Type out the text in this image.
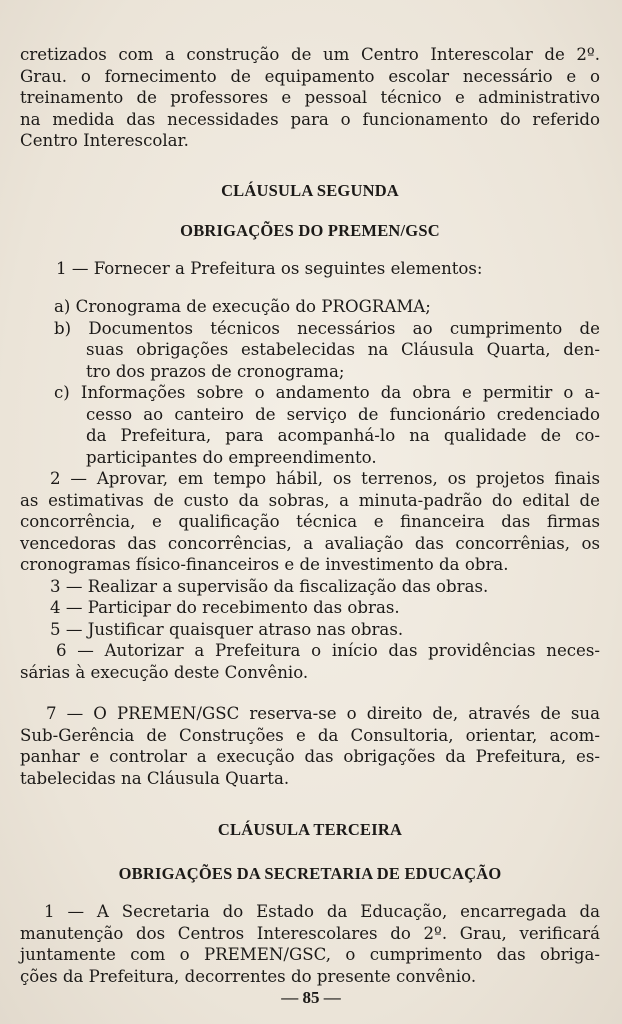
cretizados com a construção de um Centro Interescolar de 2º.
Grau. o fornecimento de equipamento escolar necessário e o
treinamento de professores e pessoal técnico e administrativo
na medida das necessidades para o funcionamento do referido
Centro Interescolar.
CLÁUSULA SEGUNDA
OBRIGAÇÕES DO PREMEN/GSC
1 — Fornecer a Prefeitura os seguintes elementos:
a) Cronograma de execução do PROGRAMA;
b) Documentos técnicos necessários ao cumprimento de
suas obrigações estabelecidas na Cláusula Quarta, den-
tro dos prazos de cronograma;
c) Informações sobre o andamento da obra e permitir o a-
cesso ao canteiro de serviço de funcionário credenciado
da Prefeitura, para acompanhá-lo na qualidade de co-
participantes do empreendimento.
2 — Aprovar, em tempo hábil, os terrenos, os projetos finais
as estimativas de custo da sobras, a minuta-padrão do edital de
concorrência, e qualificação técnica e financeira das firmas
vencedoras das concorrências, a avaliação das concorrênias, os
cronogramas físico-financeiros e de investimento da obra.
3 — Realizar a supervisão da fiscalização das obras.
4 — Participar do recebimento das obras.
5 — Justificar quaisquer atraso nas obras.
6 — Autorizar a Prefeitura o início das providências neces-
sárias à execução deste Convênio.
7 — O PREMEN/GSC reserva-se o direito de, através de sua
Sub-Gerência de Construções e da Consultoria, orientar, acom-
panhar e controlar a execução das obrigações da Prefeitura, es-
tabelecidas na Cláusula Quarta.
CLÁUSULA TERCEIRA
OBRIGAÇÕES DA SECRETARIA DE EDUCAÇÃO
1 — A Secretaria do Estado da Educação, encarregada da
manutenção dos Centros Interescolares do 2º. Grau, verificará
juntamente com o PREMEN/GSC, o cumprimento das obriga-
ções da Prefeitura, decorrentes do presente convênio.
— 85 —
